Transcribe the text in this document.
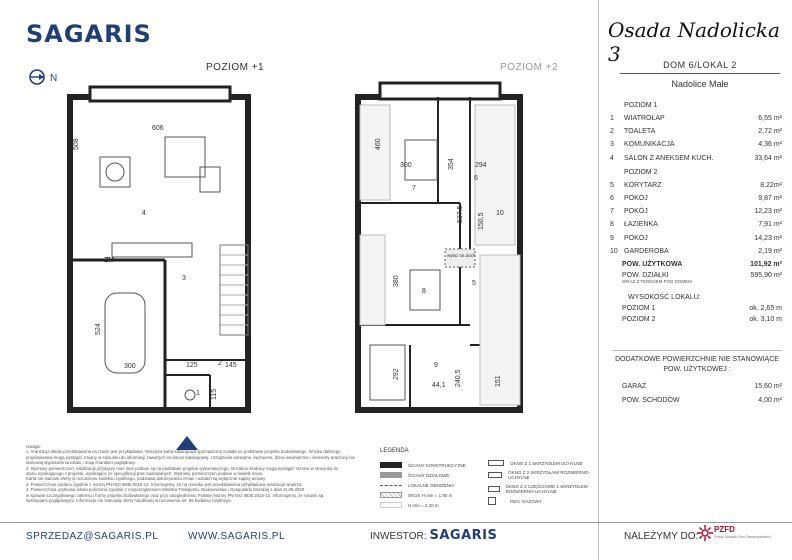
SAGARIS
N
POZIOM +1	POZIOM +2
606
508
524
300	125	145
115
4
3
2
1
ZM
460
300	354	294
537,5 150,5
380
292
44,1 240,5	151
7
6
5
8
9
10
wyłaz na dach
Osada Nadolicka 3	DOM 6/LOKAL 2
Nadolice Małe
POZIOM 1
1	WIATROŁAP	6,55 m²
2	TOALETA	2,72 m²
3	KOMUNIKACJA	4,36 m²
4	SALON Z ANEKSEM KUCH.	33,64 m²
POZIOM 2
5	KORYTARZ	8,22m²
6	POKÓJ	9,87 m²
7	POKÓJ	12,23 m²
8	ŁAZIENKA	7,91 m²
9	POKÓJ	14,23 m²
10 GARDEROBA	2,19 m²
POW. UŻYTKOWA	101,92 m²
POW. DZIAŁKI	595,90 m²
WRAZ Z TERENEM POD DOMEM
WYSOKOŚĆ LOKALU:
POZIOM 1	ok. 2,65 m
POZIOM 2	ok. 3,10 m
DODATKOWE POWIERZCHNIE NIE STANOWIĄCE POW. UŻYTKOWEJ :
GARAŻ	15,60 m²
POW. SCHODÓW	4,00 m²
Uwaga!
1. Aranżacja lokalu przedstawiona na rzucie jest przykładowa. Niniejsza karta katalogowa sporządzona została na podstawie projektu budowlanego. W toku dalszego
projektowania mogą wystąpić zmiany w stosunku do informacji zawartych na karcie katalogowej. Urządzenia sanitarne, kuchenne, drzwi wewnętrzne i elementy aranżacji nie
stanowią wyposażenia lokalu i mają charakter poglądowy.
2. Wymiary pomieszczeń, lokalizacje przyłączy oraz inne podane są na podstawie projektu wykonawczego. W trakcie budowy mogą wystąpić różnice w stosunku do
stanu wynikającego z projektu, wynikające ze specyfikacji prac budowlanych. Wymiary pomieszczeń podane w świetle ścian.
Karta nie stanowi oferty w rozumieniu kodeksu cywilnego, podstawą dokonywania zmian i ustaleń są wyłącznie zapisy umowy.
3. Powierzchnie podano zgodnie z normą PN-ISO 9836:2015-12. Informujemy, że na rysunku jest przedstawiona przykładowa aranżacja wnętrza.
4. Powierzchnia użytkowa lokalu policzona zgodnie z rozporządzeniem Ministra Transportu, Budownictwa i Gospodarki Morskiej z dnia 11.09.2020
w sprawie szczegółowego zakresu i formy projektu budowlanego oraz przy uwzględnieniu Polskiej Normy PN-ISO 9836:2015-12. Informujemy, że rysunki są
ilustracjami poglądowymi. Informacje nie stanowią oferty handlowej w rozumieniu art. 66 kodeksu cywilnego.
LEGENDA
ŚCIANY KONSTRUKCYJNE
ŚCIANY DZIAŁOWE
LOKALNE OBNIŻENIA
SKOS H min = 1,90 m
H min = 2,20 m
OKNO Z 1 SKRZYDŁEM UCHYLNE
OKNO Z 2 SKRZYDŁAMI ROZWIERNO-UCHYLNE
OKNO Z 2 CZĘŚCIOWE 1 SKRZYDŁEM ROZWIERNO-UCHYLNE
PIEC GAZOWY
SPRZEDAZ@SAGARIS.PL	WWW.SAGARIS.PL	INWESTOR: SAGARIS	NALEŻYMY DO:
PZFD
Polski Związek Firm Deweloperskich
